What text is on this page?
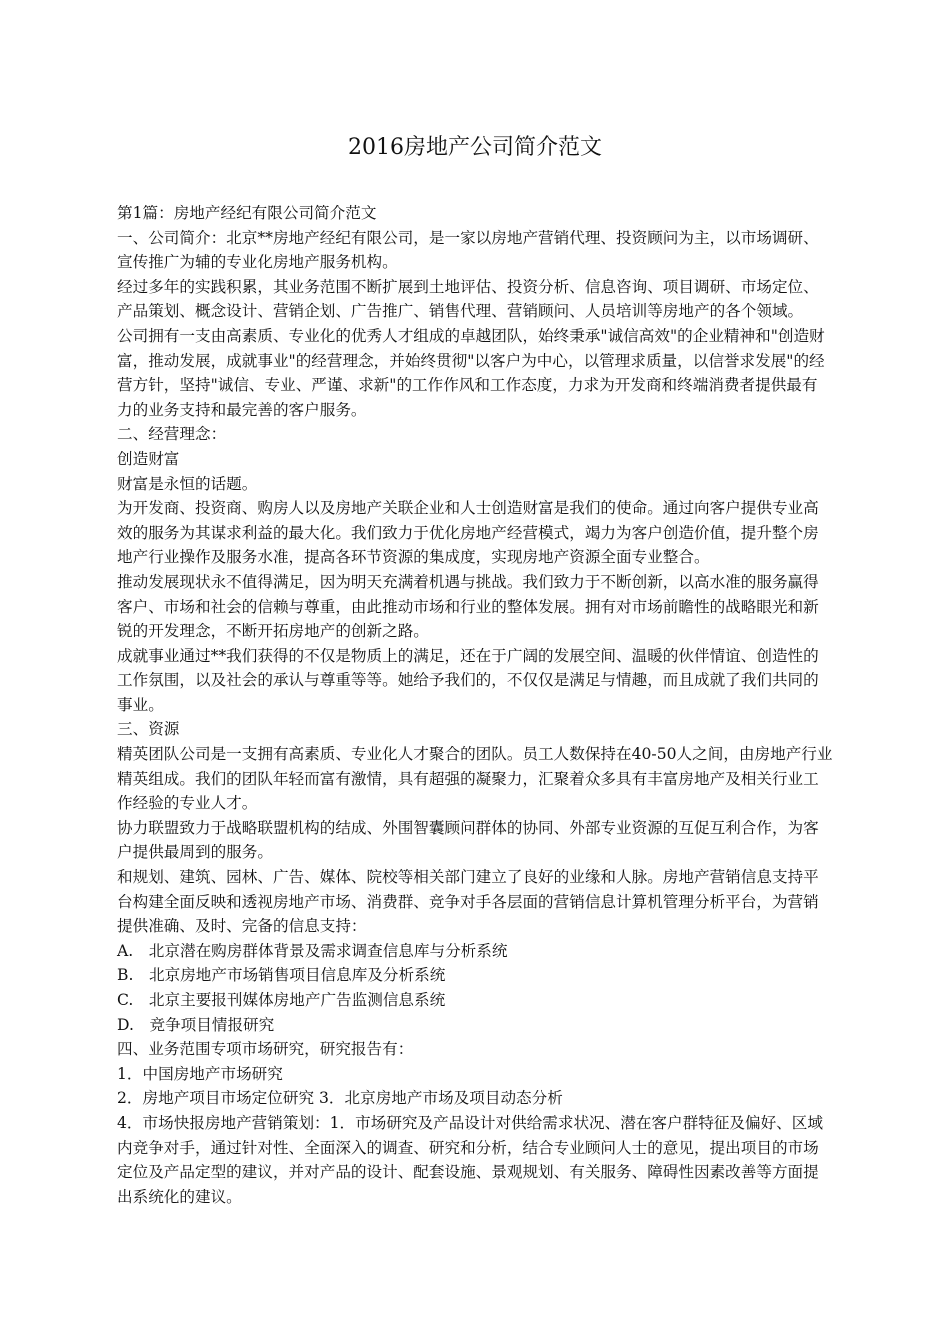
2016房地产公司简介范文

第1篇：房地产经纪有限公司简介范文

一、公司简介：北京**房地产经纪有限公司，是一家以房地产营销代理、投资顾问为主，以市场调研、宣传推广为辅的专业化房地产服务机构。

经过多年的实践积累，其业务范围不断扩展到土地评估、投资分析、信息咨询、项目调研、市场定位、产品策划、概念设计、营销企划、广告推广、销售代理、营销顾问、人员培训等房地产的各个领域。

公司拥有一支由高素质、专业化的优秀人才组成的卓越团队，始终秉承"诚信高效"的企业精神和"创造财富，推动发展，成就事业"的经营理念，并始终贯彻"以客户为中心，以管理求质量，以信誉求发展"的经营方针，坚持"诚信、专业、严谨、求新"的工作作风和工作态度，力求为开发商和终端消费者提供最有力的业务支持和最完善的客户服务。

二、经营理念：

创造财富

财富是永恒的话题。

为开发商、投资商、购房人以及房地产关联企业和人士创造财富是我们的使命。通过向客户提供专业高效的服务为其谋求利益的最大化。我们致力于优化房地产经营模式，竭力为客户创造价值，提升整个房地产行业操作及服务水准，提高各环节资源的集成度，实现房地产资源全面专业整合。

推动发展现状永不值得满足，因为明天充满着机遇与挑战。我们致力于不断创新，以高水准的服务赢得客户、市场和社会的信赖与尊重，由此推动市场和行业的整体发展。拥有对市场前瞻性的战略眼光和新锐的开发理念，不断开拓房地产的创新之路。

成就事业通过**我们获得的不仅是物质上的满足，还在于广阔的发展空间、温暖的伙伴情谊、创造性的工作氛围，以及社会的承认与尊重等等。她给予我们的，不仅仅是满足与情趣，而且成就了我们共同的事业。

三、资源

精英团队公司是一支拥有高素质、专业化人才聚合的团队。员工人数保持在40-50人之间，由房地产行业精英组成。我们的团队年轻而富有激情，具有超强的凝聚力，汇聚着众多具有丰富房地产及相关行业工作经验的专业人才。

协力联盟致力于战略联盟机构的结成、外围智囊顾问群体的协同、外部专业资源的互促互利合作，为客户提供最周到的服务。

和规划、建筑、园林、广告、媒体、院校等相关部门建立了良好的业缘和人脉。房地产营销信息支持平台构建全面反映和透视房地产市场、消费群、竞争对手各层面的营销信息计算机管理分析平台，为营销提供准确、及时、完备的信息支持：

A.　北京潜在购房群体背景及需求调查信息库与分析系统

B.　北京房地产市场销售项目信息库及分析系统

C.　北京主要报刊媒体房地产广告监测信息系统

D.　竞争项目情报研究

四、业务范围专项市场研究，研究报告有：

1．中国房地产市场研究

2．房地产项目市场定位研究 3．北京房地产市场及项目动态分析

4．市场快报房地产营销策划：1．市场研究及产品设计对供给需求状况、潜在客户群特征及偏好、区域内竞争对手，通过针对性、全面深入的调查、研究和分析，结合专业顾问人士的意见，提出项目的市场定位及产品定型的建议，并对产品的设计、配套设施、景观规划、有关服务、障碍性因素改善等方面提出系统化的建议。
